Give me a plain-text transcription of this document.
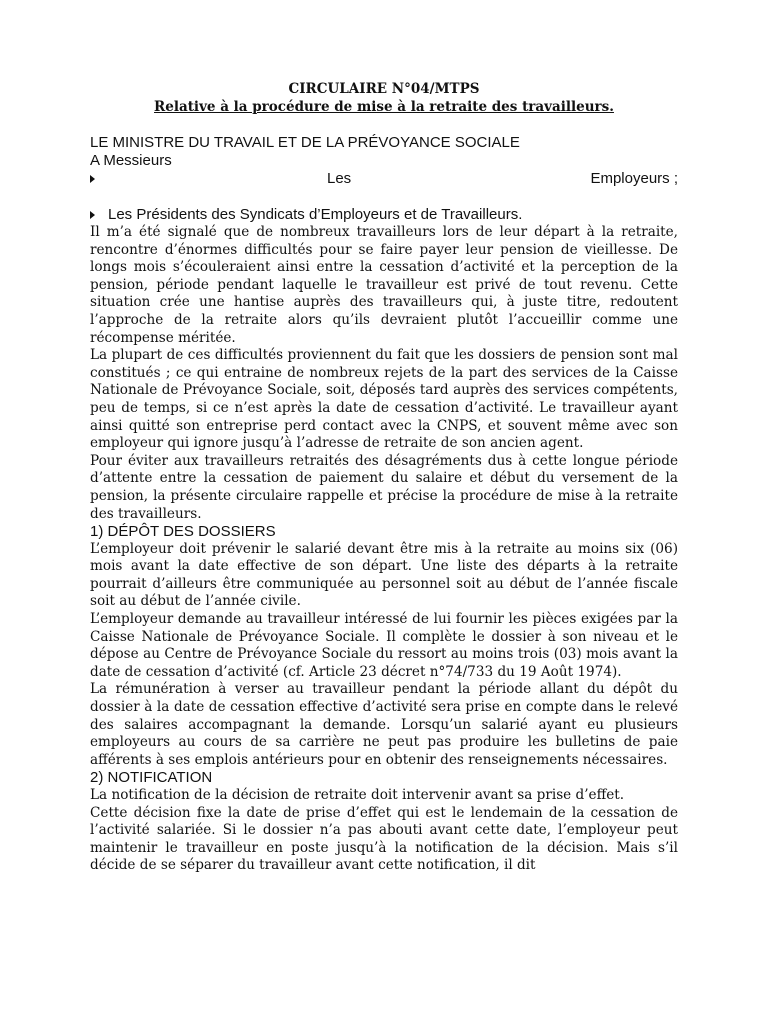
CIRCULAIRE N°04/MTPS
Relative à la procédure de mise à la retraite des travailleurs.
LE MINISTRE DU TRAVAIL ET DE LA PRÉVOYANCE SOCIALE
A Messieurs
Les	Employeurs ;
Les Présidents des Syndicats d’Employeurs et de Travailleurs.
Il m’a été signalé que de nombreux travailleurs lors de leur départ à la retraite, rencontre d’énormes difficultés pour se faire payer leur pension de vieillesse. De longs mois s’écouleraient ainsi entre la cessation d’activité et la perception de la pension, période pendant laquelle le travailleur est privé de tout revenu. Cette situation crée une hantise auprès des travailleurs qui, à juste titre, redoutent l’approche de la retraite alors qu’ils devraient plutôt l’accueillir comme une récompense méritée.
La plupart de ces difficultés proviennent du fait que les dossiers de pension sont mal constitués ; ce qui entraine de nombreux rejets de la part des services de la Caisse Nationale de Prévoyance Sociale, soit, déposés tard auprès des services compétents, peu de temps, si ce n’est après la date de cessation d’activité. Le travailleur ayant ainsi quitté son entreprise perd contact avec la CNPS, et souvent même avec son employeur qui ignore jusqu’à l’adresse de retraite de son ancien agent.
Pour éviter aux travailleurs retraités des désagréments dus à cette longue période d’attente entre la cessation de paiement du salaire et début du versement de la pension, la présente circulaire rappelle et précise la procédure de mise à la retraite des travailleurs.
1) DÉPÔT DES DOSSIERS
L’employeur doit prévenir le salarié devant être mis à la retraite au moins six (06) mois avant la date effective de son départ. Une liste des départs à la retraite pourrait d’ailleurs être communiquée au personnel soit au début de l’année fiscale soit au début de l’année civile.
L’employeur demande au travailleur intéressé de lui fournir les pièces exigées par la Caisse Nationale de Prévoyance Sociale. Il complète le dossier à son niveau et le dépose au Centre de Prévoyance Sociale du ressort au moins trois (03) mois avant la date de cessation d’activité (cf. Article 23 décret n°74/733 du 19 Août 1974).
La rémunération à verser au travailleur pendant la période allant du dépôt du dossier à la date de cessation effective d’activité sera prise en compte dans le relevé des salaires accompagnant la demande. Lorsqu’un salarié ayant eu plusieurs employeurs au cours de sa carrière ne peut pas produire les bulletins de paie afférents à ses emplois antérieurs pour en obtenir des renseignements nécessaires.
2) NOTIFICATION
La notification de la décision de retraite doit intervenir avant sa prise d’effet.
Cette décision fixe la date de prise d’effet qui est le lendemain de la cessation de l’activité salariée. Si le dossier n’a pas abouti avant cette date, l’employeur peut maintenir le travailleur en poste jusqu’à la notification de la décision. Mais s’il décide de se séparer du travailleur avant cette notification, il dit
